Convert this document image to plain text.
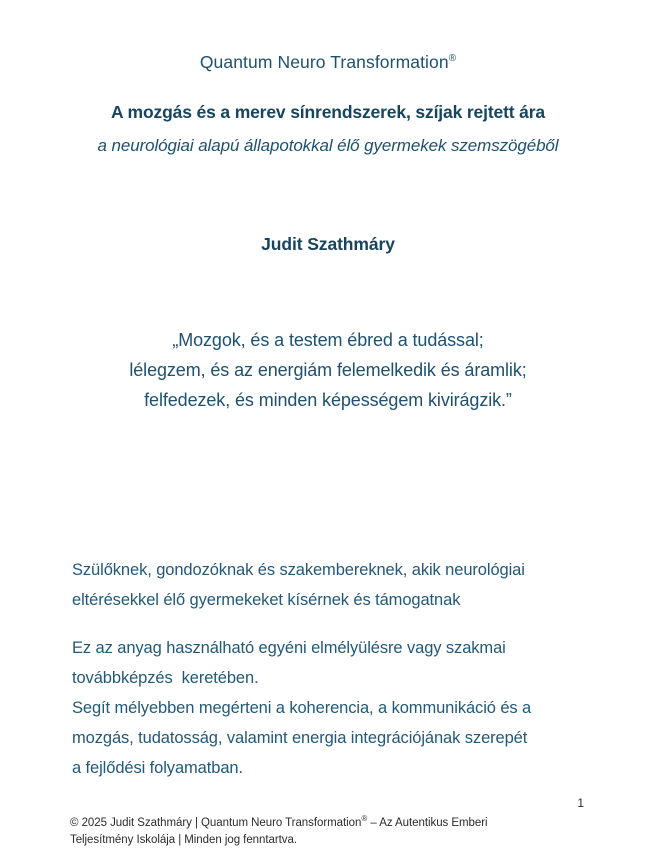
Quantum Neuro Transformation®
A mozgás és a merev sínrendszerek, szíjak rejtett ára
a neurológiai alapú állapotokkal élő gyermekek szemszögéből
Judit Szathmáry
„Mozgok, és a testem ébred a tudással;
lélegzem, és az energiám felemelkedik és áramlik;
felfedezek, és minden képességem kivirágzik.”

Szülőknek, gondozóknak és szakembereknek, akik neurológiai
eltérésekkel élő gyermekeket kísérnek és támogatnak

Ez az anyag használható egyéni elmélyülésre vagy szakmai
továbbképzés  keretében.
Segít mélyebben megérteni a koherencia, a kommunikáció és a
mozgás, tudatosság, valamint energia integrációjának szerepét
a fejlődési folyamatban.

1
© 2025 Judit Szathmáry | Quantum Neuro Transformation® – Az Autentikus Emberi
Teljesítmény Iskolája | Minden jog fenntartva.
